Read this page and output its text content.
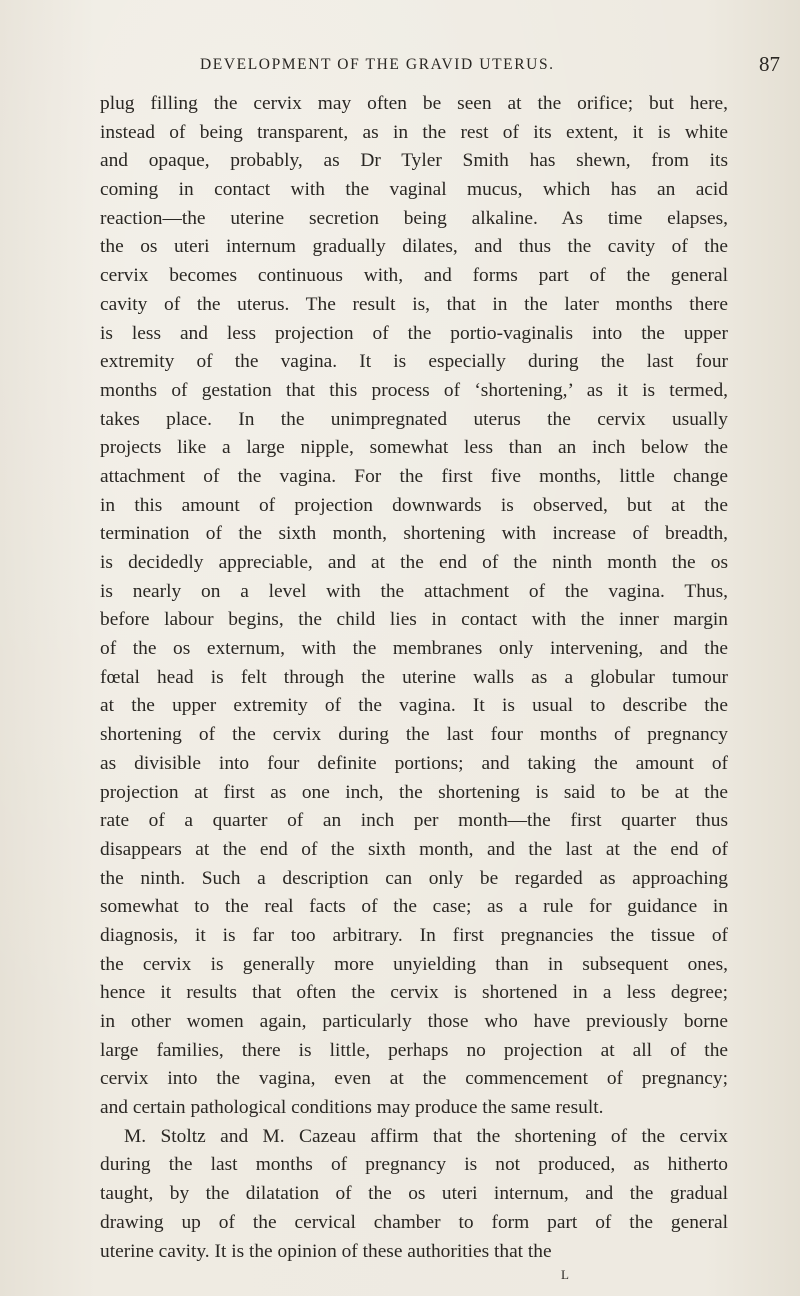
DEVELOPMENT OF THE GRAVID UTERUS.	87
plug filling the cervix may often be seen at the orifice; but here,
instead of being transparent, as in the rest of its extent, it is white
and opaque, probably, as Dr Tyler Smith has shewn, from its
coming in contact with the vaginal mucus, which has an acid
reaction—the uterine secretion being alkaline. As time elapses,
the os uteri internum gradually dilates, and thus the cavity of the
cervix becomes continuous with, and forms part of the general
cavity of the uterus. The result is, that in the later months there
is less and less projection of the portio-vaginalis into the upper
extremity of the vagina. It is especially during the last four
months of gestation that this process of ‘shortening,’ as it is termed,
takes place. In the unimpregnated uterus the cervix usually
projects like a large nipple, somewhat less than an inch below the
attachment of the vagina. For the first five months, little change
in this amount of projection downwards is observed, but at the
termination of the sixth month, shortening with increase of breadth,
is decidedly appreciable, and at the end of the ninth month the os
is nearly on a level with the attachment of the vagina. Thus,
before labour begins, the child lies in contact with the inner margin
of the os externum, with the membranes only intervening, and the
fœtal head is felt through the uterine walls as a globular tumour
at the upper extremity of the vagina. It is usual to describe the
shortening of the cervix during the last four months of pregnancy
as divisible into four definite portions; and taking the amount of
projection at first as one inch, the shortening is said to be at the
rate of a quarter of an inch per month—the first quarter thus
disappears at the end of the sixth month, and the last at the end of
the ninth. Such a description can only be regarded as approaching
somewhat to the real facts of the case; as a rule for guidance in
diagnosis, it is far too arbitrary. In first pregnancies the tissue of
the cervix is generally more unyielding than in subsequent ones,
hence it results that often the cervix is shortened in a less degree;
in other women again, particularly those who have previously borne
large families, there is little, perhaps no projection at all of the
cervix into the vagina, even at the commencement of pregnancy;
and certain pathological conditions may produce the same result.
M. Stoltz and M. Cazeau affirm that the shortening of the cervix
during the last months of pregnancy is not produced, as hitherto
taught, by the dilatation of the os uteri internum, and the gradual
drawing up of the cervical chamber to form part of the general
uterine cavity. It is the opinion of these authorities that the
L
